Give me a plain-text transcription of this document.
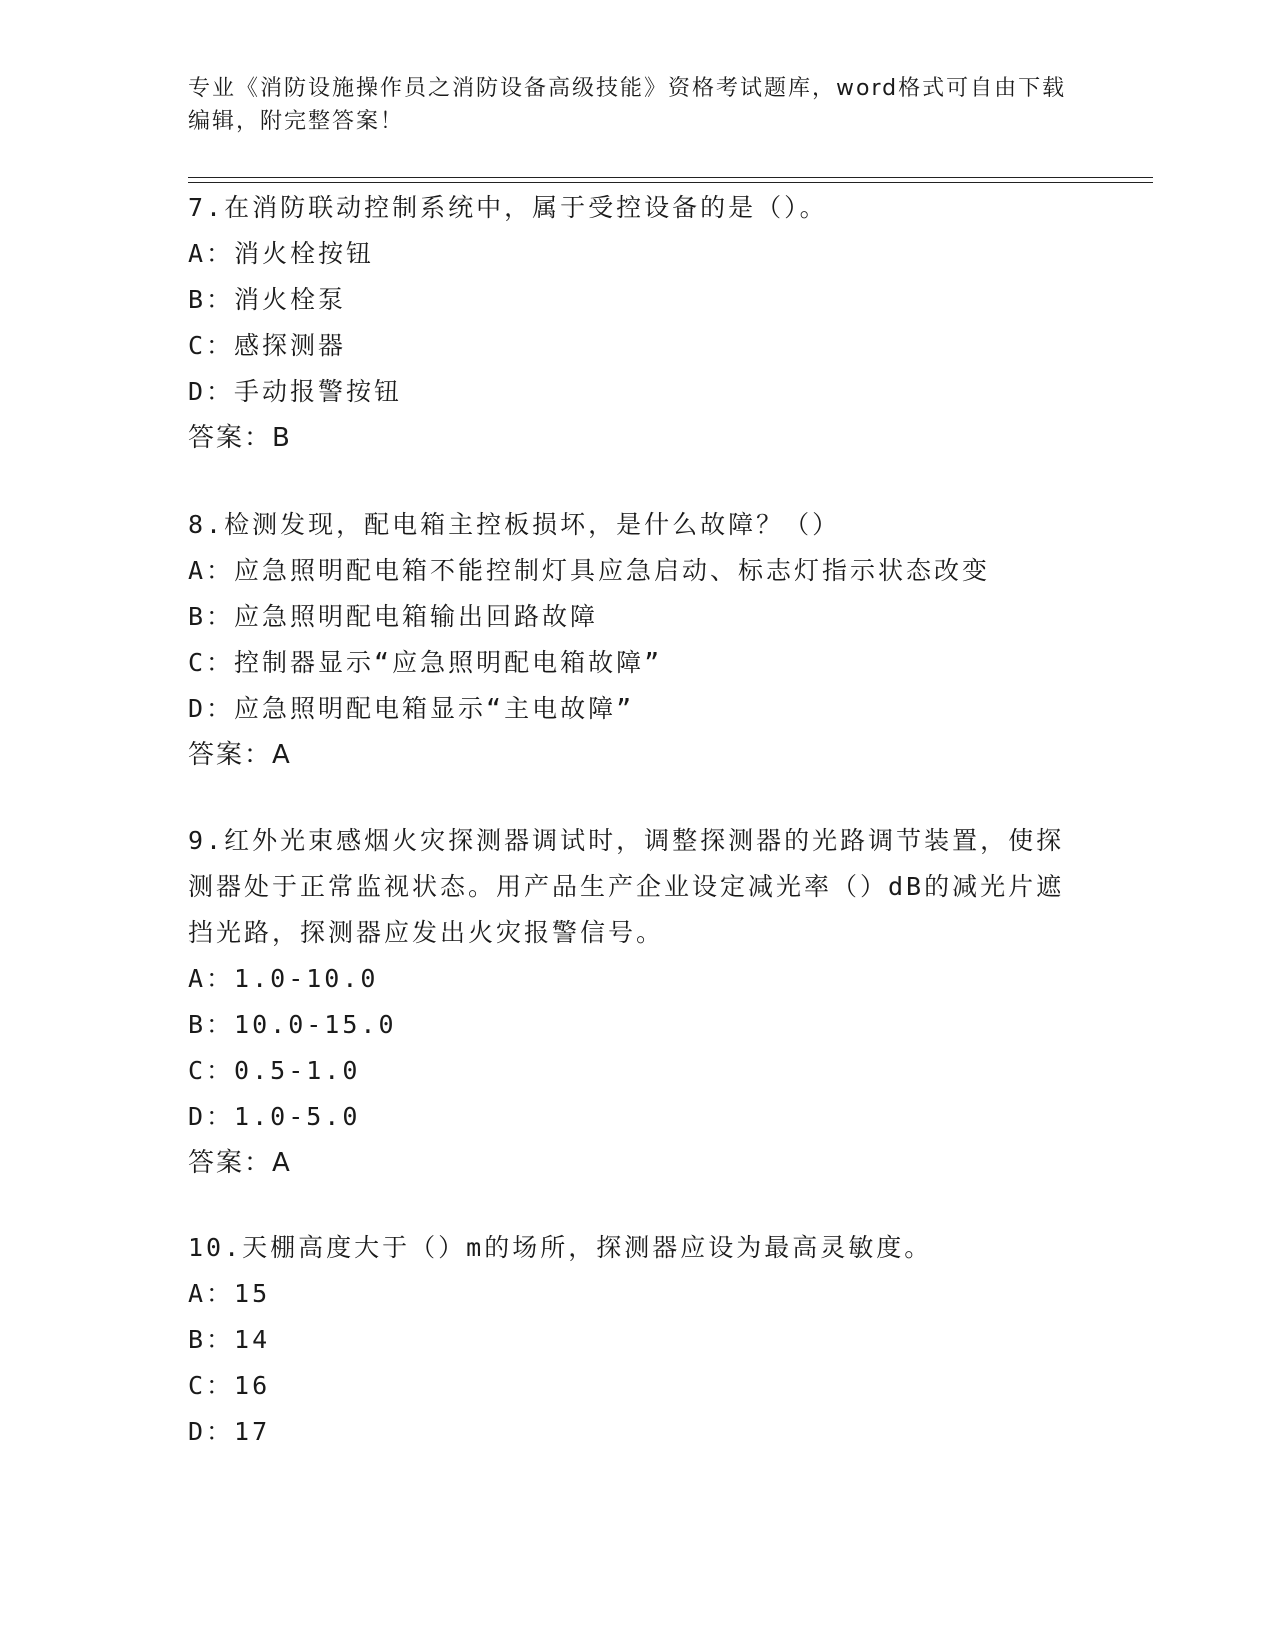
专业《消防设施操作员之消防设备高级技能》资格考试题库，word格式可自由下载编辑，附完整答案！
7.在消防联动控制系统中，属于受控设备的是（）。
A：消火栓按钮
B：消火栓泵
C：感探测器
D：手动报警按钮
答案：B
8.检测发现，配电箱主控板损坏，是什么故障？（）
A：应急照明配电箱不能控制灯具应急启动、标志灯指示状态改变
B：应急照明配电箱输出回路故障
C：控制器显示“应急照明配电箱故障”
D：应急照明配电箱显示“主电故障”
答案：A
9.红外光束感烟火灾探测器调试时，调整探测器的光路调节装置，使探测器处于正常监视状态。用产品生产企业设定减光率（）dB的减光片遮挡光路，探测器应发出火灾报警信号。
A：1.0-10.0
B：10.0-15.0
C：0.5-1.0
D：1.0-5.0
答案：A
10.天棚高度大于（）m的场所，探测器应设为最高灵敏度。
A：15
B：14
C：16
D：17
